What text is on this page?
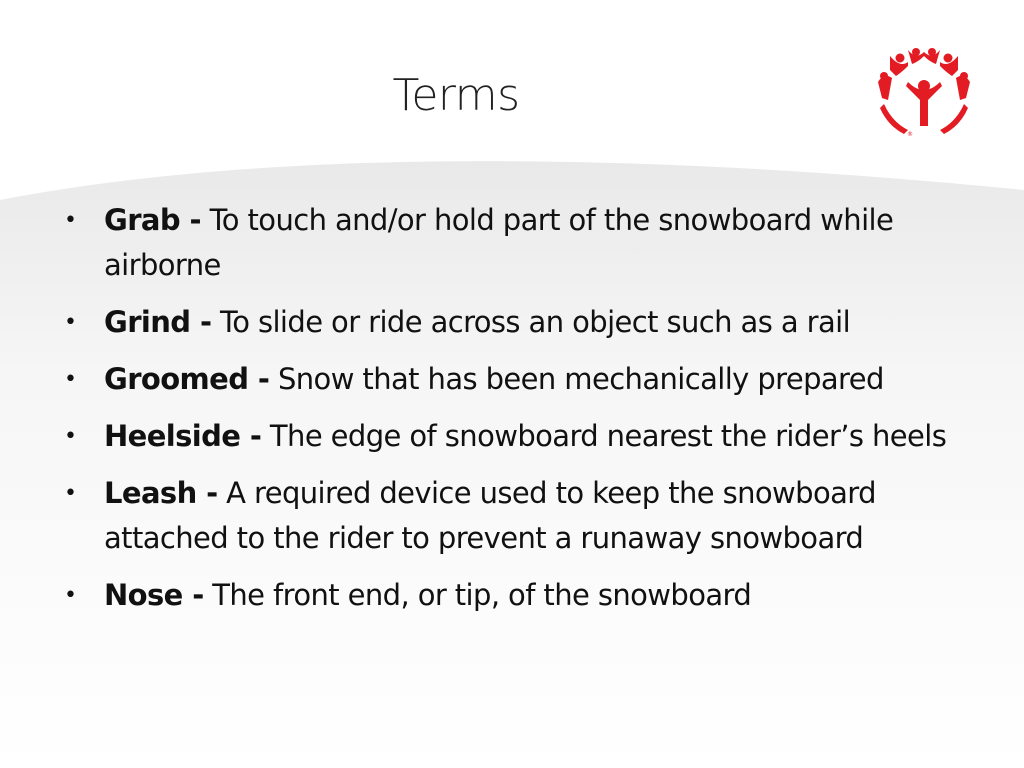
Terms
®
• Grab - To touch and/or hold part of the snowboard while airborne
• Grind - To slide or ride across an object such as a rail
• Groomed - Snow that has been mechanically prepared
• Heelside - The edge of snowboard nearest the rider’s heels
• Leash - A required device used to keep the snowboard attached to the rider to prevent a runaway snowboard
• Nose - The front end, or tip, of the snowboard
